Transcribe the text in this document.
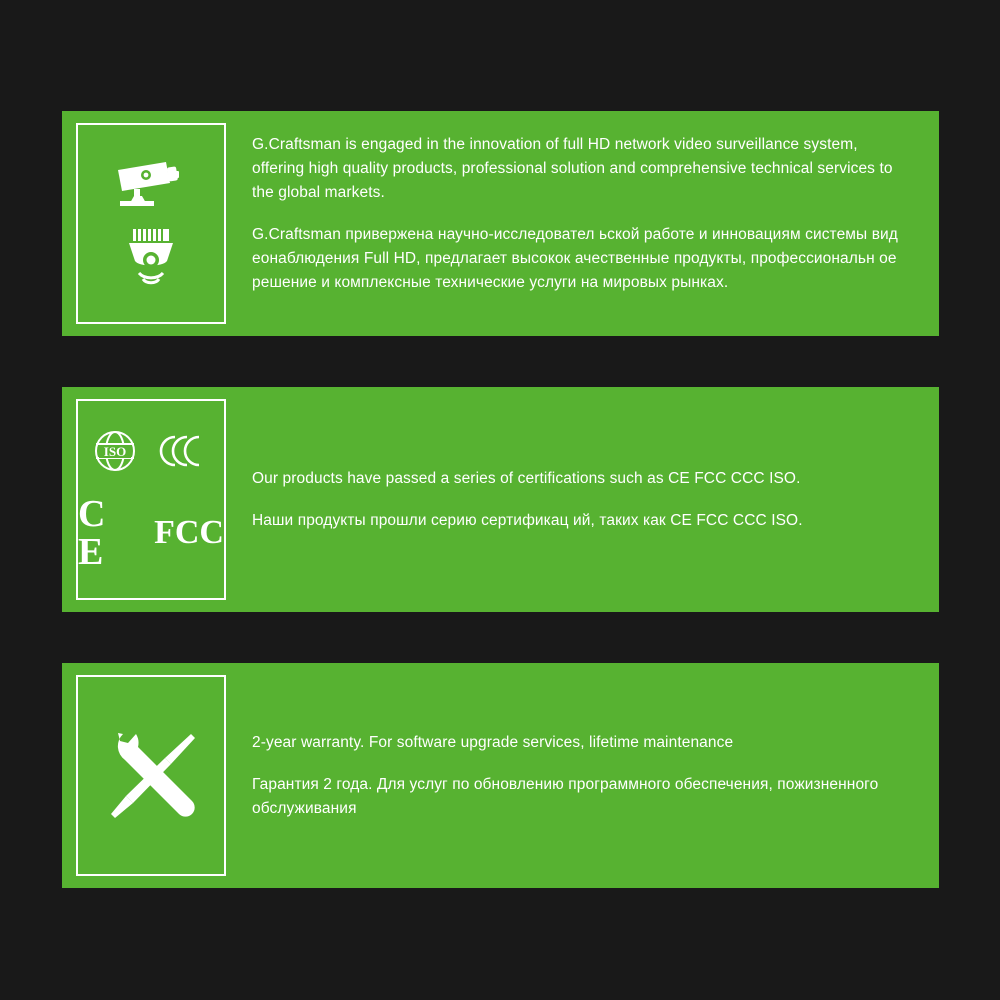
G.Craftsman is engaged in the innovation of full HD network video surveillance system, offering high quality products, professional solution and comprehensive technical services to the global markets.

G.Craftsman привержена научно-исследовател ьской работе и инновациям системы вид еонаблюдения Full HD, предлагает высокок ачественные продукты, профессиональн ое решение и комплексные технические услуги на мировых рынках.

ISO
C E	FCC

Our products have passed a series of certifications such as CE FCC CCC ISO.

Наши продукты прошли серию сертификац ий, таких как CE FCC CCC ISO.

2-year warranty. For software upgrade services, lifetime maintenance

Гарантия 2 года. Для услуг по обновлению программного обеспечения, пожизненного обслуживания
